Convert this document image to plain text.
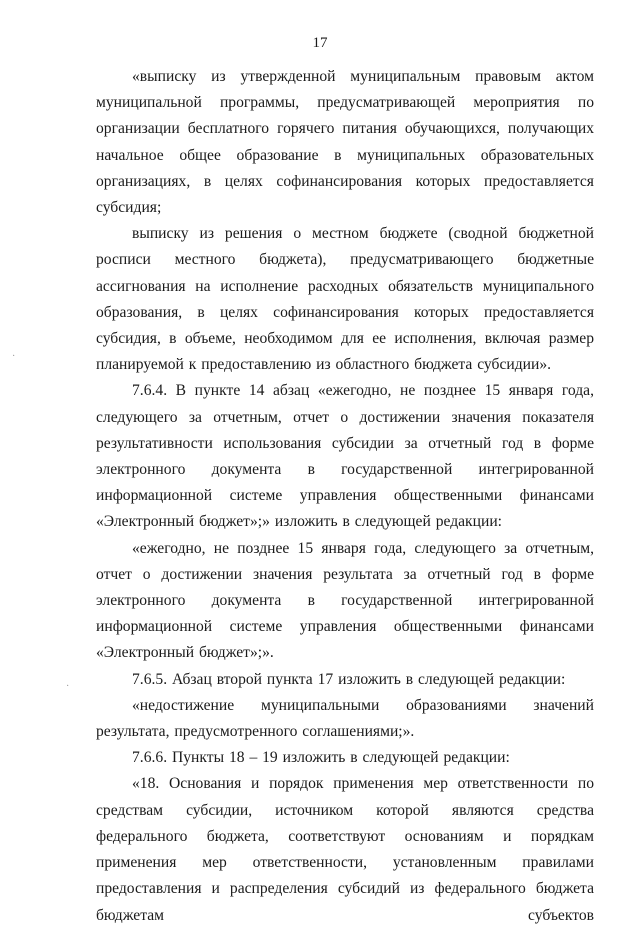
17

«выписку из утвержденной муниципальным правовым актом муниципальной программы, предусматривающей мероприятия по организации бесплатного горячего питания обучающихся, получающих начальное общее образование в муниципальных образовательных организациях, в целях софинансирования которых предоставляется субсидия;

выписку из решения о местном бюджете (сводной бюджетной росписи местного бюджета), предусматривающего бюджетные ассигнования на исполнение расходных обязательств муниципального образования, в целях софинансирования которых предоставляется субсидия, в объеме, необходимом для ее исполнения, включая размер планируемой к предоставлению из областного бюджета субсидии».

7.6.4. В пункте 14 абзац «ежегодно, не позднее 15 января года, следующего за отчетным, отчет о достижении значения показателя результативности использования субсидии за отчетный год в форме электронного документа в государственной интегрированной информационной системе управления общественными финансами «Электронный бюджет»;» изложить в следующей редакции:

«ежегодно, не позднее 15 января года, следующего за отчетным, отчет о достижении значения результата за отчетный год в форме электронного документа в государственной интегрированной информационной системе управления общественными финансами «Электронный бюджет»;».

7.6.5. Абзац второй пункта 17 изложить в следующей редакции:

«недостижение муниципальными образованиями значений результата, предусмотренного соглашениями;».

7.6.6. Пункты 18 – 19 изложить в следующей редакции:

«18. Основания и порядок применения мер ответственности по средствам субсидии, источником которой являются средства федерального бюджета, соответствуют основаниям и порядкам применения мер ответственности, установленным правилами предоставления и распределения субсидий из федерального бюджета бюджетам субъектов

·
·
